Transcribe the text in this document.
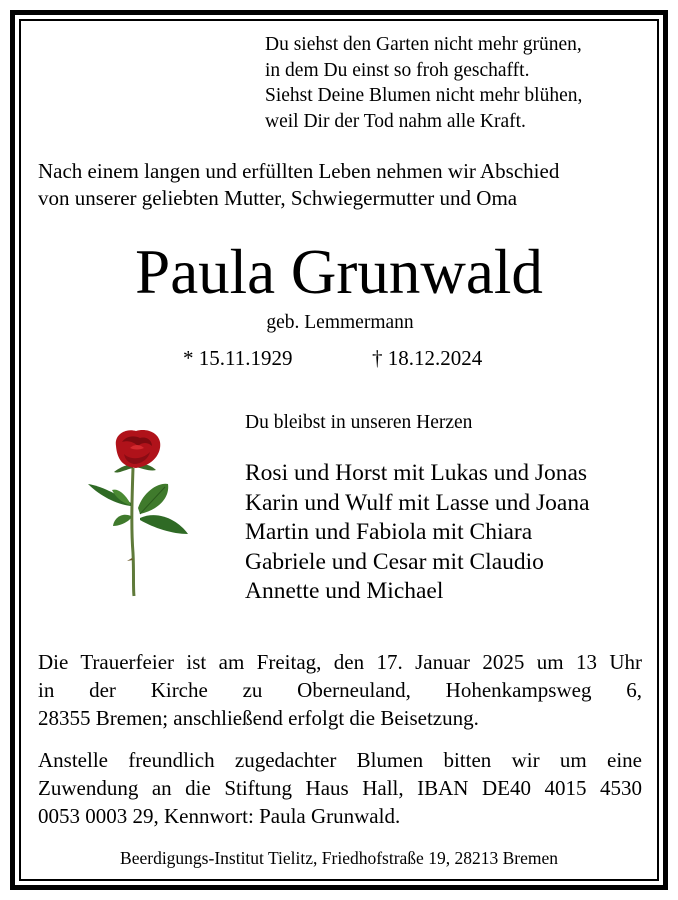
Du siehst den Garten nicht mehr grünen,
in dem Du einst so froh geschafft.
Siehst Deine Blumen nicht mehr blühen,
weil Dir der Tod nahm alle Kraft.
Nach einem langen und erfüllten Leben nehmen wir Abschied
von unserer geliebten Mutter, Schwiegermutter und Oma
Paula Grunwald
geb. Lemmermann
* 15.11.1929	† 18.12.2024
Du bleibst in unseren Herzen
Rosi und Horst mit Lukas und Jonas
Karin und Wulf mit Lasse und Joana
Martin und Fabiola mit Chiara
Gabriele und Cesar mit Claudio
Annette und Michael
Die Trauerfeier ist am Freitag, den 17. Januar 2025 um 13 Uhr
in der Kirche zu Oberneuland, Hohenkampsweg 6,
28355 Bremen; anschließend erfolgt die Beisetzung.
Anstelle freundlich zugedachter Blumen bitten wir um eine
Zuwendung an die Stiftung Haus Hall, IBAN DE40 4015 4530
0053 0003 29, Kennwort: Paula Grunwald.
Beerdigungs-Institut Tielitz, Friedhofstraße 19, 28213 Bremen
